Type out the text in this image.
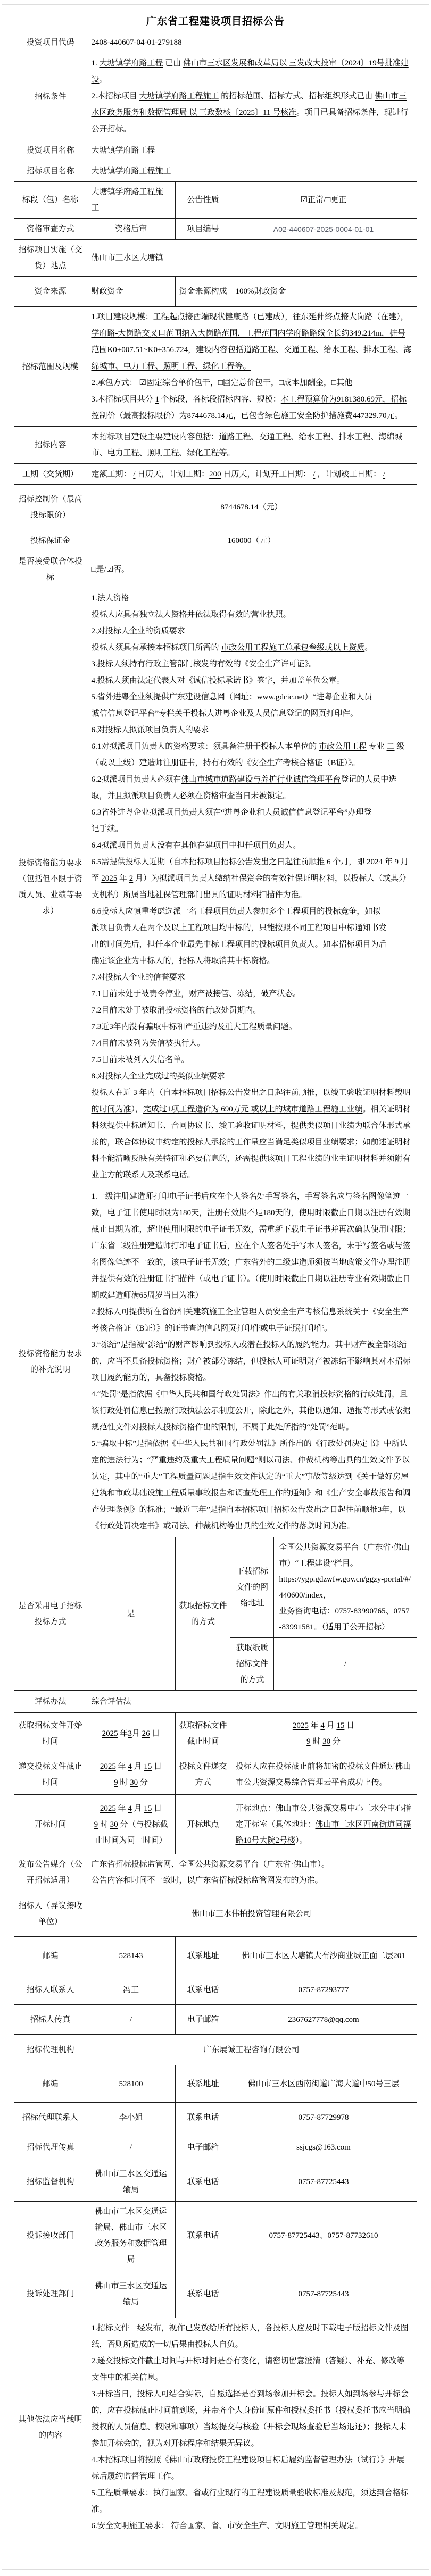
广东省工程建设项目招标公告
投资项目代码	2408-440607-04-01-279188			
招标条件	1. 大塘镇学府路工程 已由 佛山市三水区发展和改革局以 三发改大投审〔2024〕19号批准建设。
2.本招标项目 大塘镇学府路工程施工 的招标范围、招标方式、招标组织形式已由 佛山市三水区政务服务和数据管理局 以 三政数核〔2025〕11 号核准。项目已具备招标条件，现进行公开招标。			
投资项目名称	大塘镇学府路工程			
招标项目名称	大塘镇学府路工程施工			
标段（包）名称	大塘镇学府路工程施工	公告性质	☑正常/□更正	
资格审查方式	资格后审	项目编号	A02-440607-2025-0004-01-01	
招标项目实施（交货）地点	佛山市三水区大塘镇			
资金来源	财政资金	资金来源构成	100%财政资金	
招标范围及规模	1.项目建设规模：工程起点接西端现状健康路（已建成），往东延伸终点接大岗路（在建），学府路-大岗路交叉口范围纳入大岗路范围，工程范围内学府路路线全长约349.214m，桩号范围K0+007.51~K0+356.724，建设内容包括道路工程、交通工程、给水工程、排水工程、海绵城市、电力工程、照明工程、绿化工程等。
2.承包方式： ☑固定综合单价包干，□固定总价包干，□成本加酬金，□其他
3.本招标项目共分 1 个标段，各标段招标内容、规模：本工程预算价为9181380.69元，招标控制价（最高投标限价）为8744678.14元，已包含绿色施工安全防护措施费447329.70元。			
招标内容	本招标项目建设主要建设内容包括：道路工程、交通工程、给水工程、排水工程、海绵城市、电力工程、照明工程、绿化工程等。			
工期（交货期）	定额工期： / 日历天，计划工期：200 日历天，计划开工日期： / ，计划竣工日期： /			
招标控制价（最高投标限价）	8744678.14（元）			
投标保证金	160000（元）			
是否接受联合体投标	□是/☑否。			
投标资格能力要求（包括但不限于资质人员、业绩等要求）	1.法人资格
投标人应具有独立法人资格并依法取得有效的营业执照。
2.对投标人企业的资质要求
投标人须具有承接本招标项目所需的 市政公用工程施工总承包叁级或以上资质。
3.投标人须持有行政主管部门核发的有效的《安全生产许可证》。
4.投标人须由法定代表人对《诚信投标承诺书》签字，并加盖单位公章。
5.省外进粤企业须提供广东建设信息网（网址：www.gdcic.net）“进粤企业和人员
诚信信息登记平台”专栏关于投标人进粤企业及人员信息登记的网页打印件。
6.对投标人拟派项目负责人的要求
6.1对拟派项目负责人的资格要求：须具备注册于投标人本单位的 市政公用工程 专业 二 级（或以上级）建造师注册证书，持有有效的《安全生产考核合格证（B证）》。
6.2拟派项目负责人必须在佛山市城市道路建设与养护行业诚信管理平台登记的人员中选取，并且拟派项目负责人必须在资格审查当日未被锁定。
6.3省外进粤企业拟派项目负责人须在“进粤企业和人员诚信信息登记平台”办理登
记手续。
6.4拟派项目负责人没有在其他在建项目中担任项目负责人。
6.5需提供投标人近期（自本招标项目招标公告发出之日起往前顺推 6 个月，即 2024 年 9 月至 2025 年 2 月）为拟派项目负责人缴纳社保资金的有效社保证明材料，以投标人（或其分支机构）所属当地社保管理部门出具的证明材料扫描件为准。
6.6投标人应慎重考虑选派一名工程项目负责人参加多个工程项目的投标竞争，如拟
派项目负责人在两个及以上工程项目均中标的，只能按照不同工程项目中标通知书发
出的时间先后，担任本企业最先中标工程项目的投标项目负责人。如本招标项目为后
确定该企业为中标人的，招标人将取消其中标资格。
7.对投标人企业的信誉要求
7.1目前未处于被责令停业，财产被接管、冻结，破产状态。
7.2目前未处于被取消投标资格的行政处罚期内。
7.3近3年内没有骗取中标和严重违约及重大工程质量问题。
7.4目前未被列为失信被执行人。
7.5目前未被列入失信名单。
8.对投标人企业完成过的类似业绩要求
投标人在近 3 年内（自本招标项目招标公告发出之日起往前顺推，以竣工验收证明材料载明的时间为准），完成过1项工程造价为 690万元 或以上的城市道路工程施工业绩。相关证明材料须提供中标通知书、合同协议书、竣工验收证明材料，提供类似项目业绩为联合体形式承接的，联合体协议中约定的投标人承接的工作量应当满足类似项目业绩要求；如前述证明材料不能清晰反映有关特征和必要信息的，还需提供该项目工程业绩的业主证明材料并须附有业主方的联系人及联系电话。
投标资格能力要求的补充说明	1.一级注册建造师打印电子证书后应在个人签名处手写签名，手写签名应与签名图像笔迹一致，电子证书使用时限为180天，注册有效期不足180天的，使用时限截止日期以注册有效期截止日期为准，超出使用时限的电子证书无效，需重新下载电子证书并再次确认使用时限；广东省二级注册建造师打印电子证书后，应在个人签名处手写本人签名，未手写签名或与签名图像笔迹不一致的，该电子证书无效；广东省外的二级建造师须按当地政策文件办理注册并提供有效的注册证书扫描件（或电子证书）。（使用时限截止日期以注册专业有效期截止日期或建造师满65周岁当日为准）
2.投标人可提供所在省份相关建筑施工企业管理人员安全生产考核信息系统关于《安全生产考核合格证（B证）》的证书查询信息网页打印件或电子证照打印件。
3.“冻结”是指被“冻结”的财产影响到投标人或潜在投标人的履约能力。其中财产被全部冻结的，应当不具备投标资格；财产被部分冻结，但投标人可证明财产被冻结不影响其对本招标项目履约能力的，具备投标资格。
4.“处罚”是指依据《中华人民共和国行政处罚法》作出的有关取消投标资格的行政处罚，且该行政处罚信息已按照行政执法公示制度公开，除此之外，其他以通知、通报等形式或依据规范性文件对投标人投标资格作出的限制，不属于此处所指的“处罚”范畴。
5.“骗取中标”是指依据《中华人民共和国行政处罚法》所作出的《行政处罚决定书》中所认定的违法行为；“严重违约及重大工程质量问题”则以司法、仲裁机构等出具的生效文件予以认定，其中的“重大”工程质量问题是指生效文件认定的“重大”事故等级达到《关于做好房屋建筑和市政基础设施工程质量事故报告和调查处理工作的通知》和《生产安全事故报告和调查处理条例》的标准；“最近三年”是指自本招标项目招标公告发出之日起往前顺推3年，以《行政处罚决定书》或司法、仲裁机构等出具的生效文件的落款时间为准。			
是否采用电子招标投标方式	是	获取招标文件的方式	下载招标文件的网络地址	全国公共资源交易平台（广东省·佛山市）“工程建设”栏目。
https://ygp.gdzwfw.gov.cn/ggzy-portal/#/440600/index，
业务咨询电话：0757-83990765、0757-83991581。（适用于公开招标）
			获取纸质招标文件的方式	/
评标办法	综合评估法			
获取招标文件开始时间	2025 年3月 26 日	获取招标文件截止时间	2025 年 4 月 15 日
9 时 30 分	
递交投标文件截止时间	2025 年 4 月 15 日
9 时 30 分	投标文件递交方式	投标人应在投标截止前将加密的投标文件通过佛山市公共资源交易综合管理云平台成功上传。	
开标时间	2025 年 4 月 15 日
9 时 30 分（与投标截止时间为同一时间）	开标地点	开标地点：佛山市公共资源交易中心三水分中心指定开标室（具体地址：佛山市三水区西南街道同福路10号大院2号楼）。	
发布公告媒介（公开招标适用）	广东省招标投标监管网、全国公共资源交易平台（广东省·佛山市）。
公告内容和时间不一致时，以广东省招标投标监管网发布的为准。			
招标人（异议接收单位）	佛山市三水伟柏投资管理有限公司			
邮编	528143	联系地址	佛山市三水区大塘镇大布沙商业城正面二层201	
招标人联系人	冯工	联系电话	0757-87293777	
招标人传真	/	电子邮箱	2367627778@qq.com	
招标代理机构	广东展诚工程咨询有限公司			
邮编	528100	联系地址	佛山市三水区西南街道广海大道中50号三层	
招标代理联系人	李小姐	联系电话	0757-87729978	
招标代理传真	/	电子邮箱	ssjcgs@163.com	
招标监督机构	佛山市三水区交通运输局	联系电话	0757-87725443	
投诉接收部门	佛山市三水区交通运输局、佛山市三水区政务服务和数据管理局	联系电话	0757-87725443、0757-87732610	
投诉处理部门	佛山市三水区交通运输局	联系电话	0757-87725443	
其他依法应当载明的内容	1.招标文件一经发布，视作已发放给所有投标人，各投标人应及时下载电子版招标文件及图纸，否则所造成的一切后果由投标人自负。
2.递交投标文件截止时间与开标时间是否有变化，请密切留意澄清（答疑）、补充、修改等文件中的相关信息。
3.开标当日，投标人可结合实际，自愿选择是否到场参加开标会。投标人如到场参与开标会的，应在投标截止时间前到场，并带齐个人身份证原件和授权委托书（授权委托书应当明确授权的人员信息、权限和事项）当场提交与核验（开标会现场查验后当场退还）；投标人未参加开标会的，视为对开标程序和结果无异议。
4.本招标项目将按照《佛山市政府投资工程建设项目标后履约监督管理办法（试行）》开展标后履约监督管理工作。
5.工程质量要求：执行国家、省或行业现行的工程建设质量验收标准及规范，须达到合格标准。
6.安全文明施工要求： 符合国家、省、市安全生产、文明施工管理相关规定。
